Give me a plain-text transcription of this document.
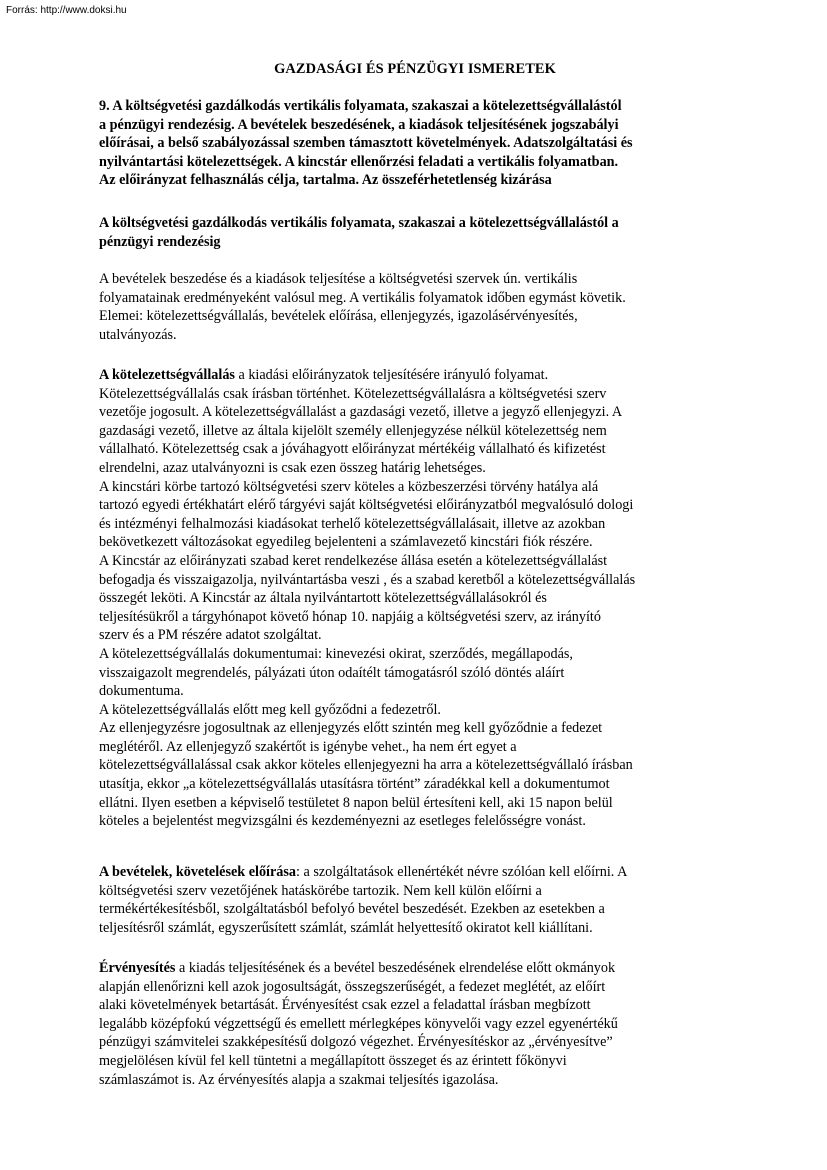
Forrás: http://www.doksi.hu
GAZDASÁGI ÉS PÉNZÜGYI ISMERETEK
9. A költségvetési gazdálkodás vertikális folyamata, szakaszai a kötelezettségvállalástól
a pénzügyi rendezésig. A bevételek beszedésének, a kiadások teljesítésének jogszabályi
előírásai, a belső szabályozással szemben támasztott követelmények. Adatszolgáltatási és
nyilvántartási kötelezettségek. A kincstár ellenőrzési feladati a vertikális folyamatban.
Az előirányzat felhasználás célja, tartalma. Az összeférhetetlenség kizárása
A költségvetési gazdálkodás vertikális folyamata, szakaszai a kötelezettségvállalástól a
pénzügyi rendezésig
A bevételek beszedése és a kiadások teljesítése a költségvetési szervek ún. vertikális
folyamatainak eredményeként valósul meg. A vertikális folyamatok időben egymást követik.
Elemei: kötelezettségvállalás, bevételek előírása, ellenjegyzés, igazolásérvényesítés,
utalványozás.
A kötelezettségvállalás a kiadási előirányzatok teljesítésére irányuló folyamat.
Kötelezettségvállalás csak írásban történhet. Kötelezettségvállalásra a költségvetési szerv
vezetője jogosult. A kötelezettségvállalást a gazdasági vezető, illetve a jegyző ellenjegyzi. A
gazdasági vezető, illetve az általa kijelölt személy ellenjegyzése nélkül kötelezettség nem
vállalható. Kötelezettség csak a jóváhagyott előirányzat mértékéig vállalható és kifizetést
elrendelni, azaz utalványozni is csak ezen összeg határig lehetséges.
A kincstári körbe tartozó költségvetési szerv köteles a közbeszerzési törvény hatálya alá
tartozó egyedi értékhatárt elérő tárgyévi saját költségvetési előirányzatból megvalósuló dologi
és intézményi felhalmozási kiadásokat terhelő kötelezettségvállalásait, illetve az azokban
bekövetkezett változásokat egyedileg bejelenteni a számlavezető kincstári fiók részére.
A Kincstár az előirányzati szabad keret rendelkezése állása esetén a kötelezettségvállalást
befogadja és visszaigazolja, nyilvántartásba veszi , és a szabad keretből a kötelezettségvállalás
összegét leköti. A Kincstár az általa nyilvántartott kötelezettségvállalásokról és
teljesítésükről a tárgyhónapot követő hónap 10. napjáig a költségvetési szerv, az irányító
szerv és a PM részére adatot szolgáltat.
A kötelezettségvállalás dokumentumai: kinevezési okirat, szerződés, megállapodás,
visszaigazolt megrendelés, pályázati úton odaítélt támogatásról szóló döntés aláírt
dokumentuma.
A kötelezettségvállalás előtt meg kell győződni a fedezetről.
Az ellenjegyzésre jogosultnak az ellenjegyzés előtt szintén meg kell győződnie a fedezet
meglétéről. Az ellenjegyző szakértőt is igénybe vehet., ha nem ért egyet a
kötelezettségvállalással csak akkor köteles ellenjegyezni ha arra a kötelezettségvállaló írásban
utasítja, ekkor „a kötelezettségvállalás utasításra történt” záradékkal kell a dokumentumot
ellátni. Ilyen esetben a képviselő testületet 8 napon belül értesíteni kell, aki 15 napon belül
köteles a bejelentést megvizsgálni és kezdeményezni az esetleges felelősségre vonást.
A bevételek, követelések előírása: a szolgáltatások ellenértékét névre szólóan kell előírni. A
költségvetési szerv vezetőjének hatáskörébe tartozik. Nem kell külön előírni a
termékértékesítésből, szolgáltatásból befolyó bevétel beszedését. Ezekben az esetekben a
teljesítésről számlát, egyszerűsített számlát, számlát helyettesítő okiratot kell kiállítani.
Érvényesítés a kiadás teljesítésének és a bevétel beszedésének elrendelése előtt okmányok
alapján ellenőrizni kell azok jogosultságát, összegszerűségét, a fedezet meglétét, az előírt
alaki követelmények betartását. Érvényesítést csak ezzel a feladattal írásban megbízott
legalább középfokú végzettségű és emellett mérlegképes könyvelői vagy ezzel egyenértékű
pénzügyi számvitelei szakképesítésű dolgozó végezhet. Érvényesítéskor az „érvényesítve”
megjelölésen kívül fel kell tüntetni a megállapított összeget és az érintett főkönyvi
számlaszámot is. Az érvényesítés alapja a szakmai teljesítés igazolása.
